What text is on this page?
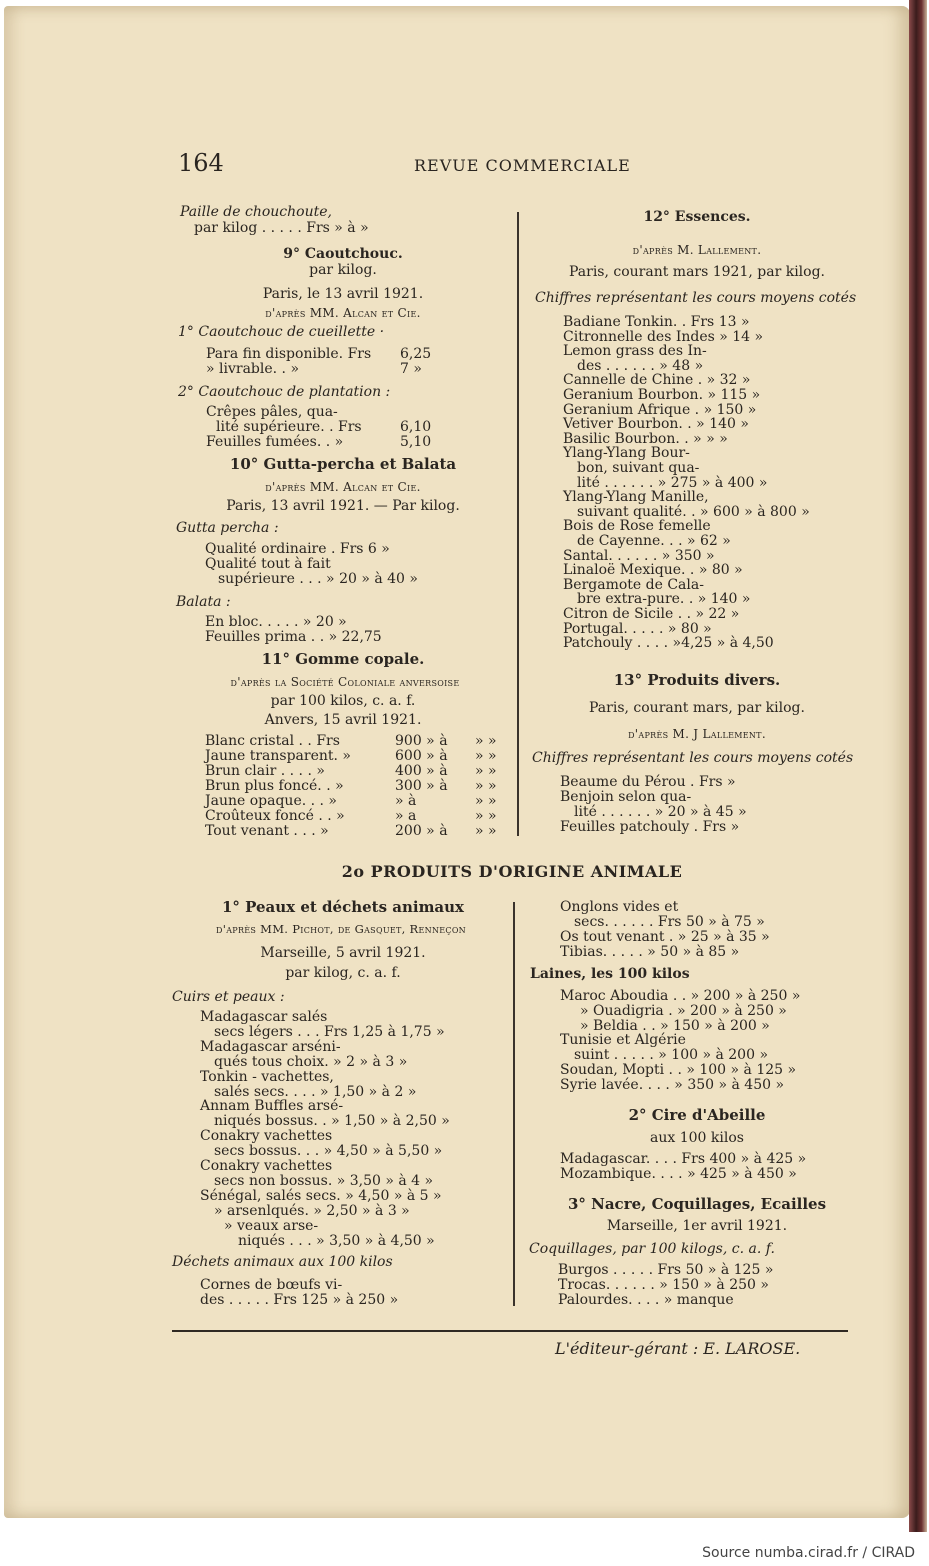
164	REVUE COMMERCIALE
Paille de chouchoute,
par kilog . . . . . Frs » à »
9° Caoutchouc.
par kilog.
Paris, le 13 avril 1921.
d'après MM. Alcan et Cie.
1° Caoutchouc de cueillette ·
Para fin disponible. Frs 6,25
» livrable. . »	7 »
2° Caoutchouc de plantation :
Crêpes pâles, qua-
lité supérieure. . Frs	6,10
Feuilles fumées. . »	5,10
10° Gutta-percha et Balata
d'après MM. Alcan et Cie.
Paris, 13 avril 1921. — Par kilog.
Gutta percha :
Qualité ordinaire . Frs 6 »
Qualité tout à fait
supérieure . . . » 20 » à 40 »
Balata :
En bloc. . . . . » 20 »
Feuilles prima . . » 22,75
11° Gomme copale.
d'après la Société Coloniale anversoise
par 100 kilos, c. a. f.
Anvers, 15 avril 1921.
Blanc cristal . . Frs	900 » à » »
Jaune transparent. »	600 » à » »
Brun clair . . . . »	400 » à » »
Brun plus foncé. . »	300 » à » »
Jaune opaque. . . »	» à	» »
Croûteux foncé . . »	» a	» »
Tout venant . . . »	200 » à » »
12° Essences.
d'après M. Lallement.
Paris, courant mars 1921, par kilog.
Chiffres représentant les cours moyens cotés
Badiane Tonkin. . Frs 13 »
Citronnelle des Indes » 14 »
Lemon grass des In-
des . . . . . . » 48 »
Cannelle de Chine . » 32 »
Geranium Bourbon. » 115 »
Geranium Afrique . » 150 »
Vetiver Bourbon. . » 140 »
Basilic Bourbon. . » » »
Ylang-Ylang Bour-
bon, suivant qua-
lité . . . . . . » 275 » à 400 »
Ylang-Ylang Manille,
suivant qualité. . » 600 » à 800 »
Bois de Rose femelle
de Cayenne. . . » 62 »
Santal. . . . . . » 350 »
Linaloë Mexique. . » 80 »
Bergamote de Cala-
bre extra-pure. . » 140 »
Citron de Sicile . . » 22 »
Portugal. . . . . » 80 »
Patchouly . . . . »4,25 » à 4,50
13° Produits divers.
Paris, courant mars, par kilog.
d'après M. J Lallement.
Chiffres représentant les cours moyens cotés
Beaume du Pérou . Frs »
Benjoin selon qua-
lité . . . . . . » 20 » à 45 »
Feuilles patchouly . Frs »
2o PRODUITS D'ORIGINE ANIMALE
1° Peaux et déchets animaux
d'après MM. Pichot, de Gasquet, Renneçon
Marseille, 5 avril 1921.
par kilog, c. a. f.
Cuirs et peaux :
Madagascar salés
secs légers . . . Frs 1,25 à 1,75 »
Madagascar arséni-
qués tous choix. » 2 » à 3 »
Tonkin - vachettes,
salés secs. . . . » 1,50 » à 2 »
Annam Buffles arsé-
niqués bossus. . » 1,50 » à 2,50 »
Conakry vachettes
secs bossus. . . » 4,50 » à 5,50 »
Conakry vachettes
secs non bossus. » 3,50 » à 4 »
Sénégal, salés secs. » 4,50 » à 5 »
» arsenlqués. » 2,50 » à 3 »
» veaux arse-
niqués . . . » 3,50 » à 4,50 »
Déchets animaux aux 100 kilos
Cornes de bœufs vi-
des . . . . . Frs 125 » à 250 »
Onglons vides et
secs. . . . . . Frs 50 » à 75 »
Os tout venant . » 25 » à 35 »
Tibias. . . . . » 50 » à 85 »
Laines, les 100 kilos
Maroc Aboudia . . » 200 » à 250 »
» Ouadigria . » 200 » à 250 »
» Beldia . . » 150 » à 200 »
Tunisie et Algérie
suint . . . . . » 100 » à 200 »
Soudan, Mopti . . » 100 » à 125 »
Syrie lavée. . . . » 350 » à 450 »
2° Cire d'Abeille
aux 100 kilos
Madagascar. . . . Frs 400 » à 425 »
Mozambique. . . . » 425 » à 450 »
3° Nacre, Coquillages, Ecailles
Marseille, 1er avril 1921.
Coquillages, par 100 kilogs, c. a. f.
Burgos . . . . . Frs 50 » à 125 »
Trocas. . . . . . » 150 » à 250 »
Palourdes. . . . » manque
L'éditeur-gérant : E. LAROSE.
Source numba.cirad.fr / CIRAD
